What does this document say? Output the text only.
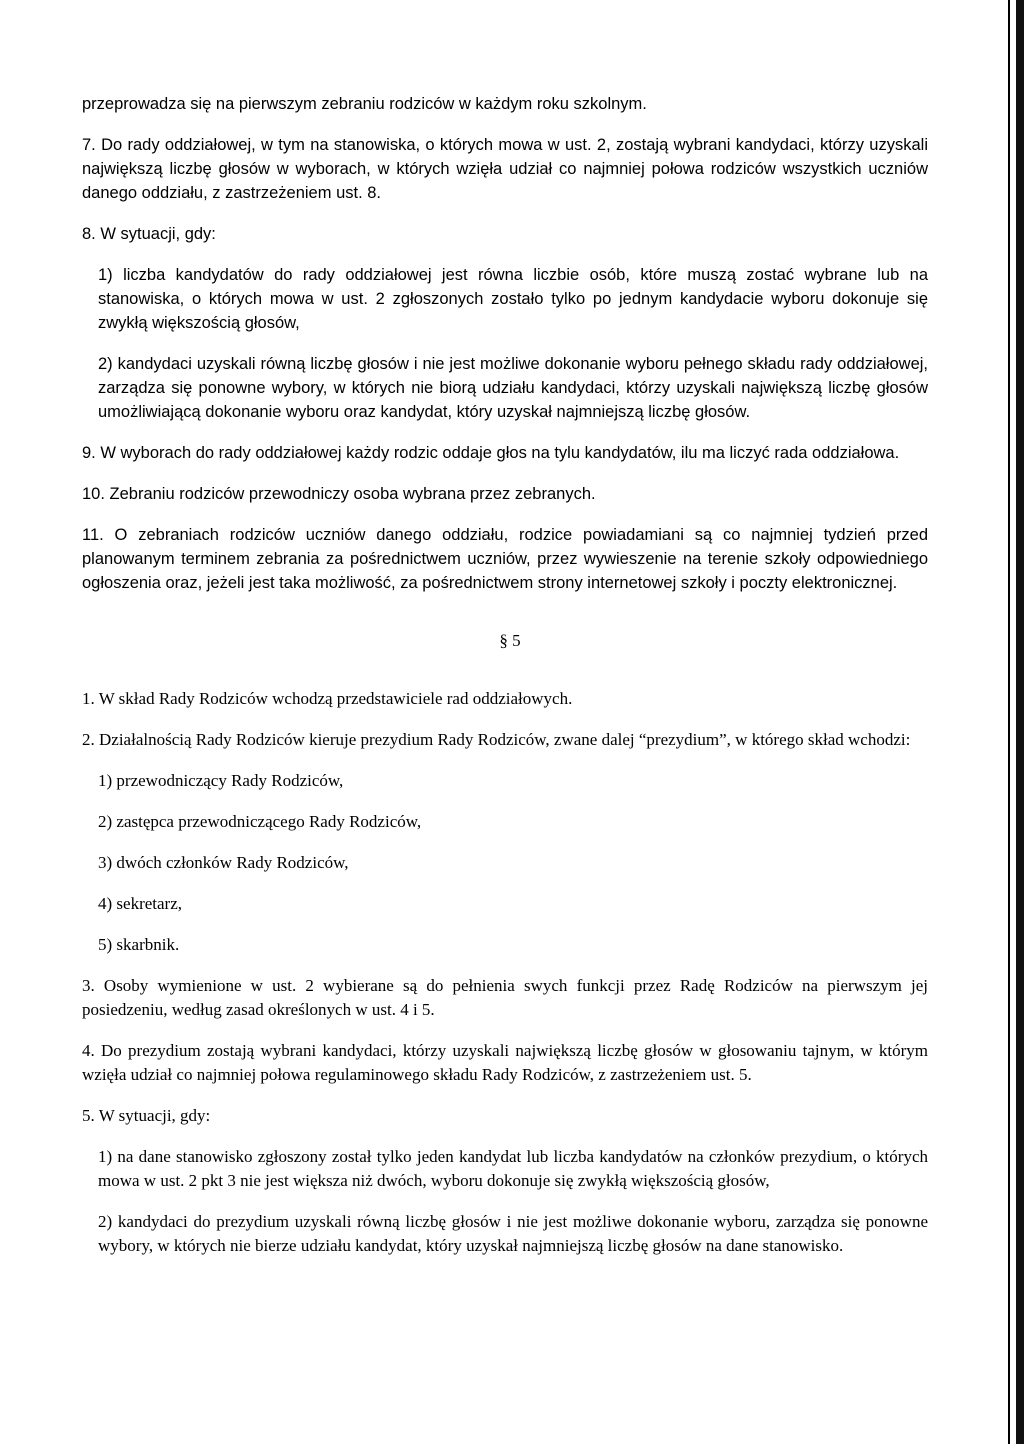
przeprowadza się na pierwszym zebraniu rodziców w każdym roku szkolnym.

7. Do rady oddziałowej, w tym na stanowiska, o których mowa w ust. 2, zostają wybrani kandydaci, którzy uzyskali największą liczbę głosów w wyborach, w których wzięła udział co najmniej połowa rodziców wszystkich uczniów danego oddziału, z zastrzeżeniem ust. 8.

8. W sytuacji, gdy:

1) liczba kandydatów do rady oddziałowej jest równa liczbie osób, które muszą zostać wybrane lub na stanowiska, o których mowa w ust. 2 zgłoszonych zostało tylko po jednym kandydacie wyboru dokonuje się zwykłą większością głosów,

2) kandydaci uzyskali równą liczbę głosów i nie jest możliwe dokonanie wyboru pełnego składu rady oddziałowej, zarządza się ponowne wybory, w których nie biorą udziału kandydaci, którzy uzyskali największą liczbę głosów umożliwiającą dokonanie wyboru oraz kandydat, który uzyskał najmniejszą liczbę głosów.

9. W wyborach do rady oddziałowej każdy rodzic oddaje głos na tylu kandydatów, ilu ma liczyć rada oddziałowa.

10. Zebraniu rodziców przewodniczy osoba wybrana przez zebranych.

11. O zebraniach rodziców uczniów danego oddziału, rodzice powiadamiani są co najmniej tydzień przed planowanym terminem zebrania za pośrednictwem uczniów, przez wywieszenie na terenie szkoły odpowiedniego ogłoszenia oraz, jeżeli jest taka możliwość, za pośrednictwem strony internetowej szkoły i poczty elektronicznej.

§ 5

1. W skład Rady Rodziców wchodzą przedstawiciele rad oddziałowych.

2. Działalnością Rady Rodziców kieruje prezydium Rady Rodziców, zwane dalej “prezydium”, w którego skład wchodzi:

1) przewodniczący Rady Rodziców,

2) zastępca przewodniczącego Rady Rodziców,

3) dwóch członków Rady Rodziców,

4) sekretarz,

5) skarbnik.

3. Osoby wymienione w ust. 2 wybierane są do pełnienia swych funkcji przez Radę Rodziców na pierwszym jej posiedzeniu, według zasad określonych w ust. 4 i 5.

4. Do prezydium zostają wybrani kandydaci, którzy uzyskali największą liczbę głosów w głosowaniu tajnym, w którym wzięła udział co najmniej połowa regulaminowego składu Rady Rodziców, z zastrzeżeniem ust. 5.

5. W sytuacji, gdy:

1) na dane stanowisko zgłoszony został tylko jeden kandydat lub liczba kandydatów na członków prezydium, o których mowa w ust. 2 pkt 3 nie jest większa niż dwóch, wyboru dokonuje się zwykłą większością głosów,

2) kandydaci do prezydium uzyskali równą liczbę głosów i nie jest możliwe dokonanie wyboru, zarządza się ponowne wybory, w których nie bierze udziału kandydat, który uzyskał najmniejszą liczbę głosów na dane stanowisko.
